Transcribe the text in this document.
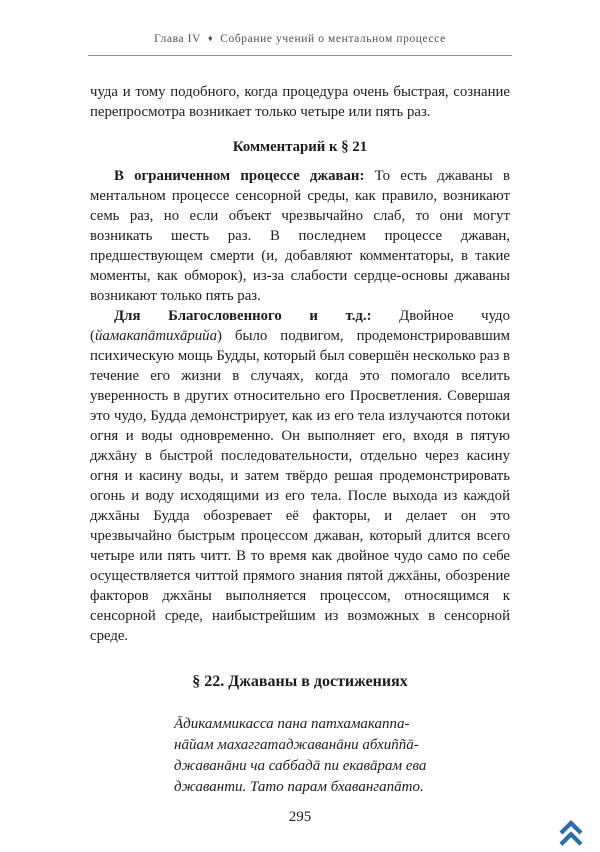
Глава IV ♦ Собрание учений о ментальном процессе

чуда и тому подобного, когда процедура очень быстрая, сознание перепросмотра возникает только четыре или пять раз.

Комментарий к § 21

В ограниченном процессе джаван: То есть джаваны в ментальном процессе сенсорной среды, как правило, возникают семь раз, но если объект чрезвычайно слаб, то они могут возникать шесть раз. В последнем процессе джаван, предшествующем смерти (и, добавляют комментаторы, в такие моменты, как обморок), из-за слабости сердце-основы джаваны возникают только пять раз.

Для Благословенного и т.д.: Двойное чудо (йамакапāтихāрийа) было подвигом, продемонстрировавшим психическую мощь Будды, который был совершён несколько раз в течение его жизни в случаях, когда это помогало вселить уверенность в других относительно его Просветления. Совершая это чудо, Будда демонстрирует, как из его тела излучаются потоки огня и воды одновременно. Он выполняет его, входя в пятую джхāну в быстрой последовательности, отдельно через касину огня и касину воды, и затем твёрдо решая продемонстрировать огонь и воду исходящими из его тела. После выхода из каждой джхāны Будда обозревает её факторы, и делает он это чрезвычайно быстрым процессом джаван, который длится всего четыре или пять читт. В то время как двойное чудо само по себе осуществляется читтой прямого знания пятой джхāны, обозрение факторов джхāны выполняется процессом, относящимся к сенсорной среде, наибыстрейшим из возможных в сенсорной среде.

§ 22. Джаваны в достижениях
Āдикаммикасса пана патхамакаппа-
нāйам махаггатаджаванāни абхиññā-
джаванāни ча саббадā пи екавāрам ева
джаванти. Тато парам бхавангапāто.
295
